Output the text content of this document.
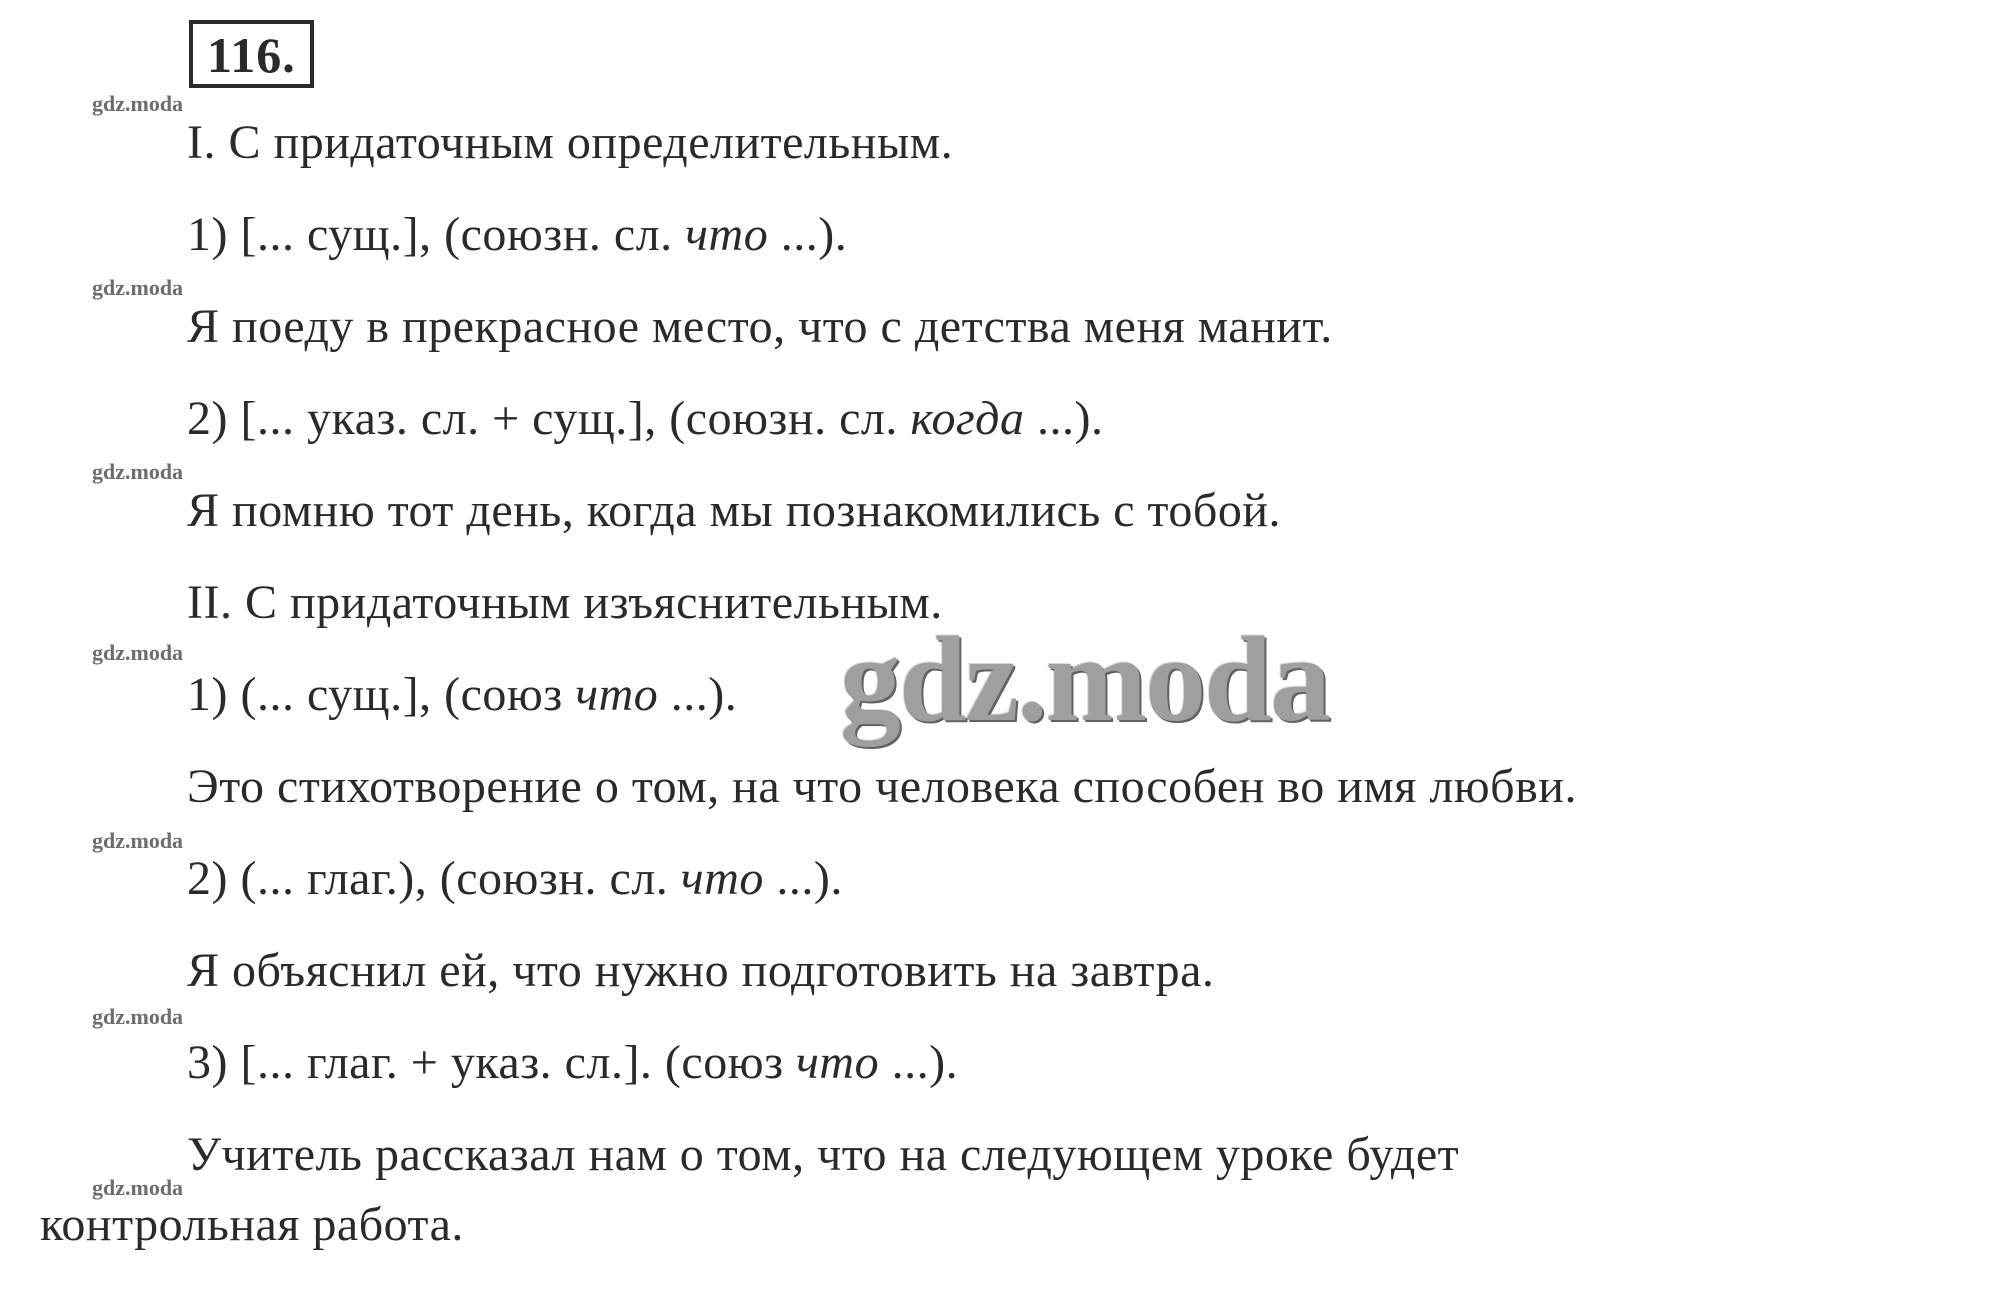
116.
gdz.moda
gdz.moda
gdz.moda
gdz.moda
gdz.moda
gdz.moda
gdz.moda
I. С придаточным определительным.
1) [... сущ.], (союзн. сл. что ...).
Я поеду в прекрасное место, что с детства меня манит.
2) [... указ. сл. + сущ.], (союзн. сл. когда ...).
Я помню тот день, когда мы познакомились с тобой.
II. С придаточным изъяснительным.
1) (... сущ.], (союз что ...).
Это стихотворение о том, на что человека способен во имя любви.
2) (... глаг.), (союзн. сл. что ...).
Я объяснил ей, что нужно подготовить на завтра.
3) [... глаг. + указ. сл.]. (союз что ...).
Учитель рассказал нам о том, что на следующем уроке будет
контрольная работа.
gdz.moda
